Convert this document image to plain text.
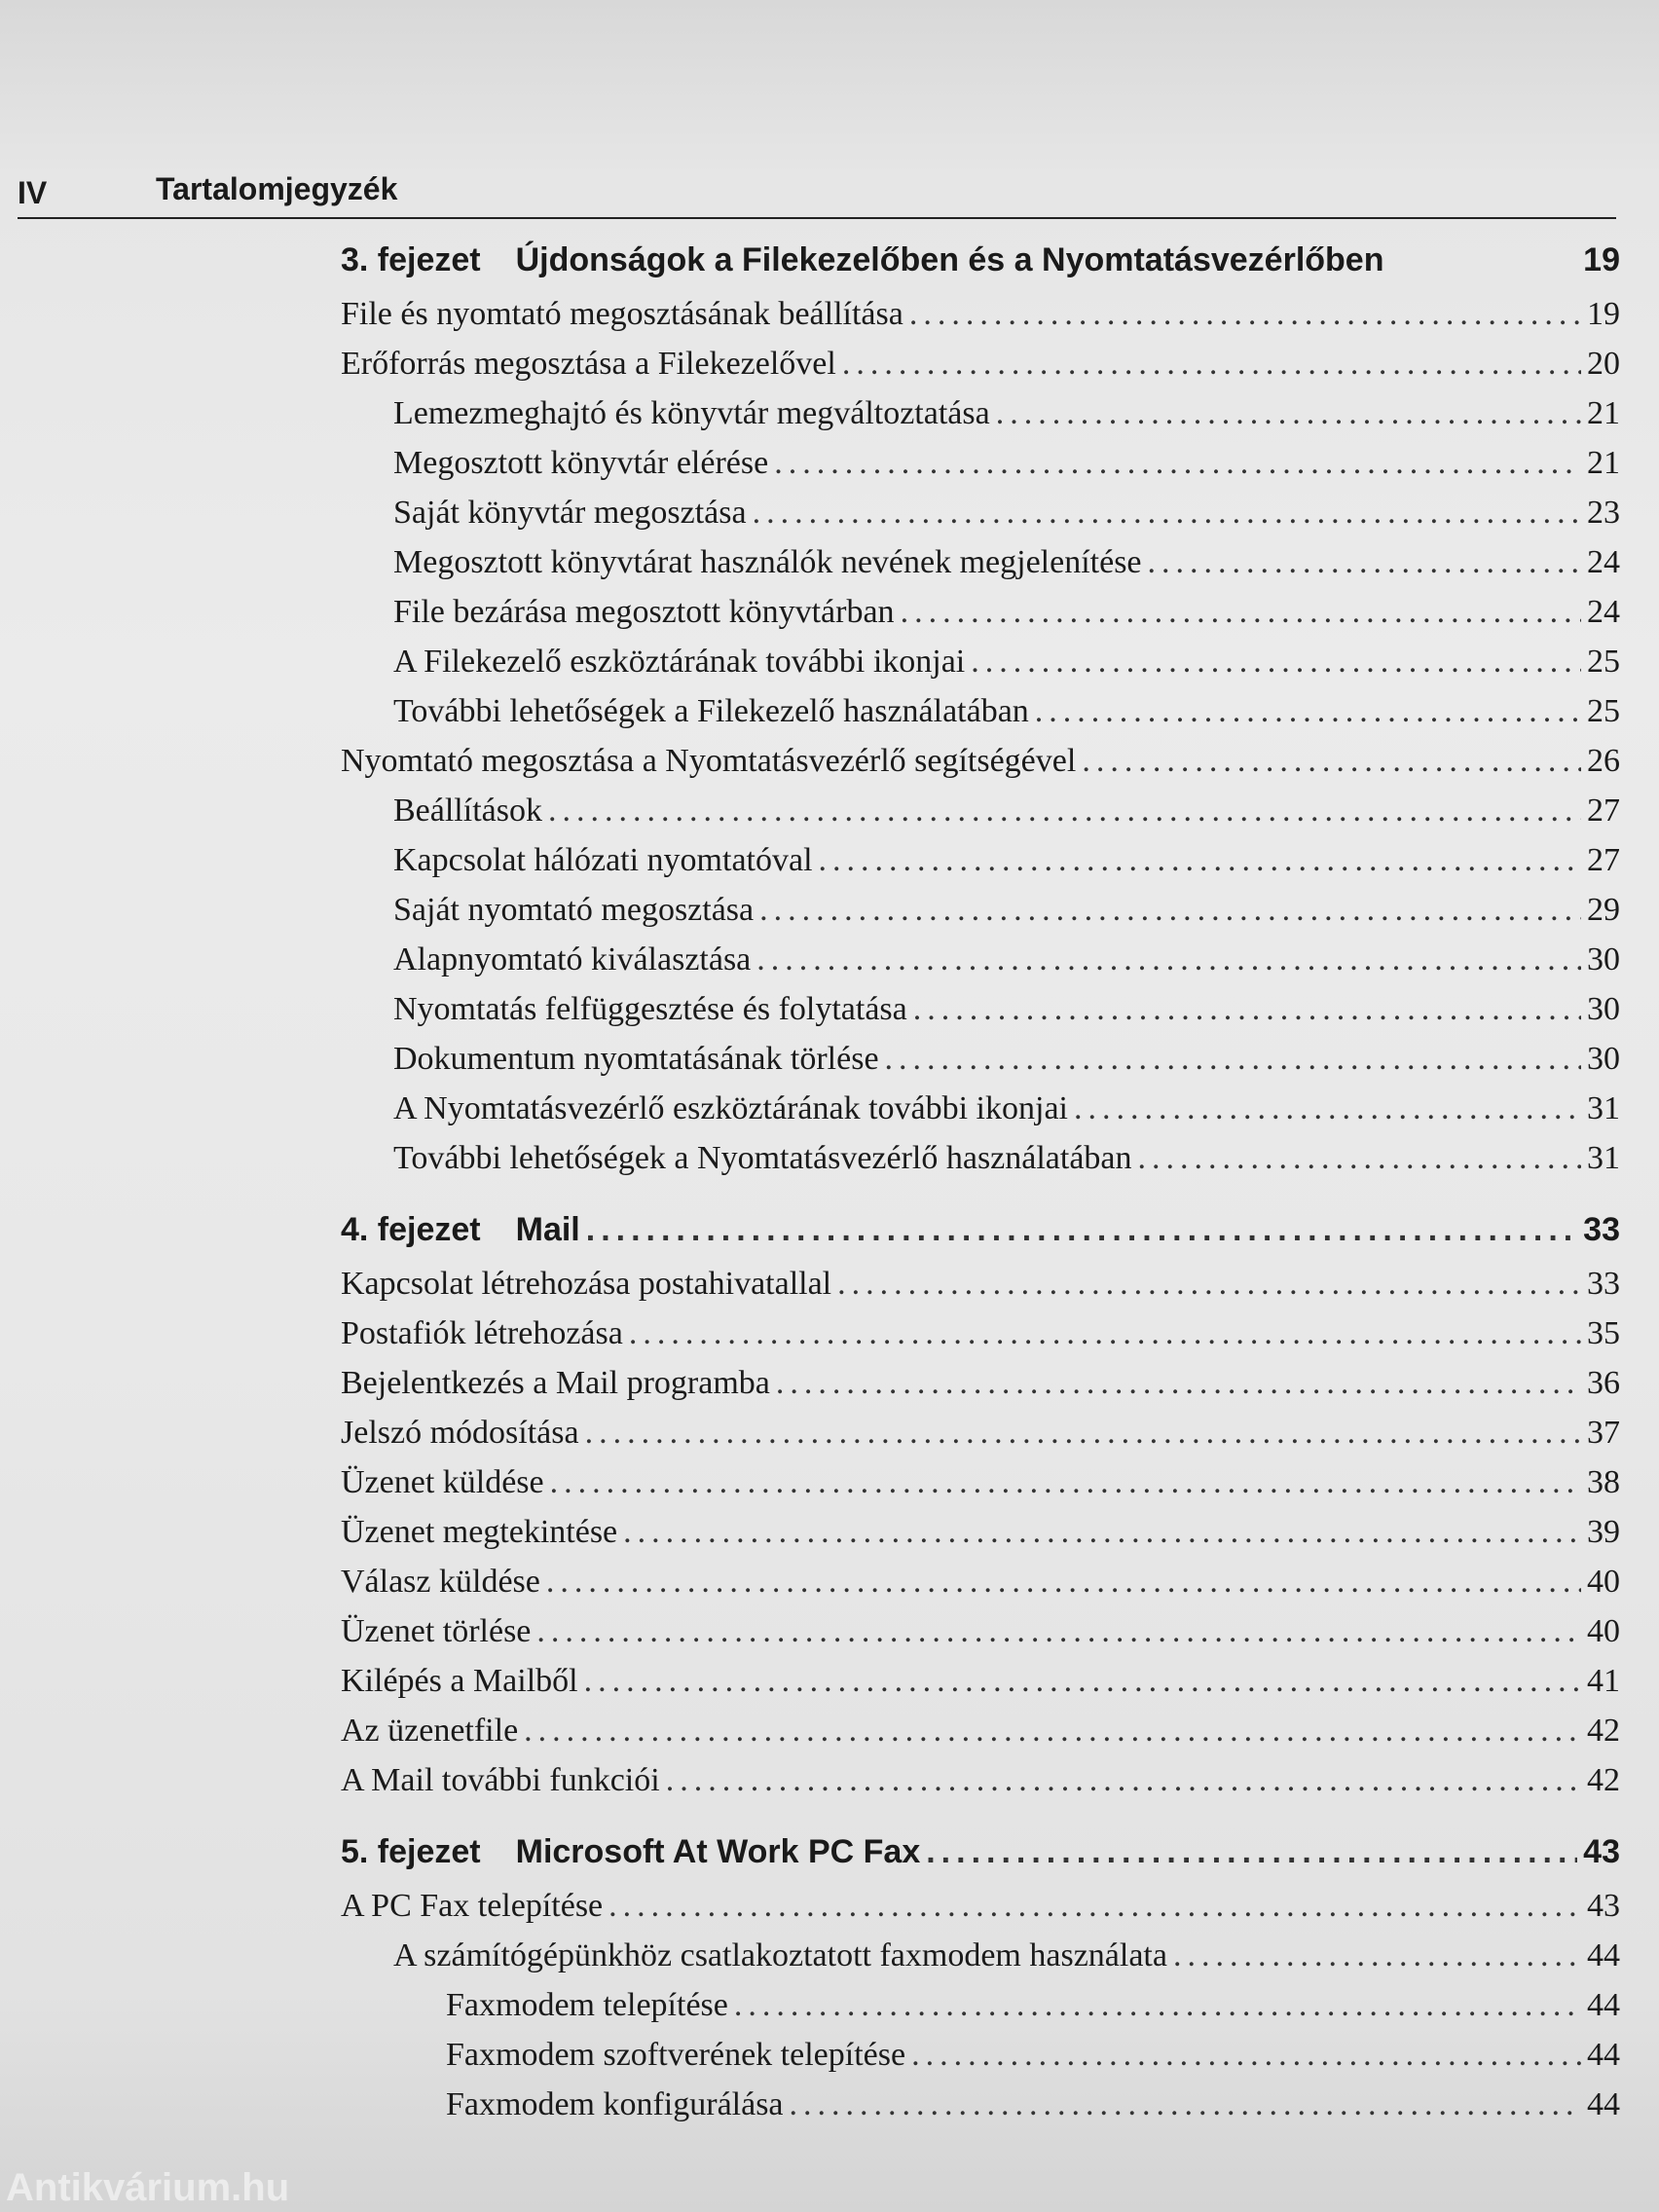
IV	Tartalomjegyzék
3. fejezet Újdonságok a Filekezelőben és a Nyomtatásvezérlőben	19
File és nyomtató megosztásának beállítása .....	19
Erőforrás megosztása a Filekezelővel .....	20
Lemezmeghajtó és könyvtár megváltoztatása .....	21
Megosztott könyvtár elérése .....	21
Saját könyvtár megosztása .....	23
Megosztott könyvtárat használók nevének megjelenítése .....	24
File bezárása megosztott könyvtárban .....	24
A Filekezelő eszköztárának további ikonjai .....	25
További lehetőségek a Filekezelő használatában .....	25
Nyomtató megosztása a Nyomtatásvezérlő segítségével .....	26
Beállítások .....	27
Kapcsolat hálózati nyomtatóval .....	27
Saját nyomtató megosztása .....	29
Alapnyomtató kiválasztása .....	30
Nyomtatás felfüggesztése és folytatása .....	30
Dokumentum nyomtatásának törlése .....	30
A Nyomtatásvezérlő eszköztárának további ikonjai .....	31
További lehetőségek a Nyomtatásvezérlő használatában .....	31
4. fejezet Mail .....	33
Kapcsolat létrehozása postahivatallal .....	33
Postafiók létrehozása .....	35
Bejelentkezés a Mail programba .....	36
Jelszó módosítása .....	37
Üzenet küldése .....	38
Üzenet megtekintése .....	39
Válasz küldése .....	40
Üzenet törlése .....	40
Kilépés a Mailből .....	41
Az üzenetfile .....	42
A Mail további funkciói .....	42
5. fejezet Microsoft At Work PC Fax .....	43
A PC Fax telepítése .....	43
A számítógépünkhöz csatlakoztatott faxmodem használata .....	44
Faxmodem telepítése .....	44
Faxmodem szoftverének telepítése .....	44
Faxmodem konfigurálása .....	44
Antikvárium.hu
